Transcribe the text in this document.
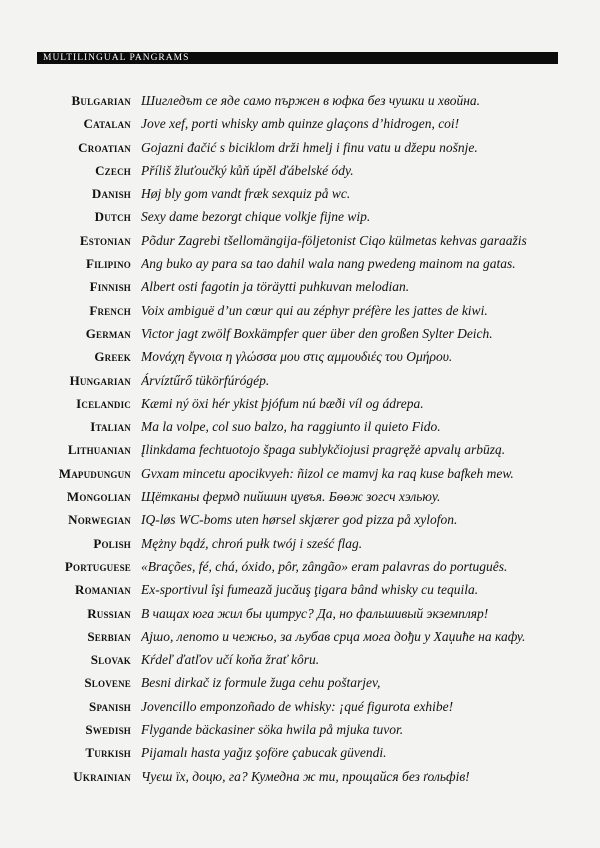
MULTILINGUAL PANGRAMS
Bulgarian Шигледът се яде само пържен в юфка без чушки и хвойна.
Catalan Jove xef, porti whisky amb quinze glaçons d’hidrogen, coi!
Croatian Gojazni đačić s biciklom drži hmelj i finu vatu u džepu nošnje.
Czech Příliš žluťoučký kůň úpěl ďábelské ódy.
Danish Høj bly gom vandt fræk sexquiz på wc.
Dutch Sexy dame bezorgt chique volkje fijne wip.
Estonian Põdur Zagrebi tšellomängija-följetonist Ciqo külmetas kehvas garaažis
Filipino Ang buko ay para sa tao dahil wala nang pwedeng mainom na gatas.
Finnish Albert osti fagotin ja töräytti puhkuvan melodian.
French Voix ambiguë d’un cœur qui au zéphyr préfère les jattes de kiwi.
German Victor jagt zwölf Boxkämpfer quer über den großen Sylter Deich.
Greek Μονάχη ἔγνοια η γλώσσα μου στις αμμουδιές του Ομήρου.
Hungarian Árvíztűrő tükörfúrógép.
Icelandic Kæmi ný öxi hér ykist þjófum nú bæði víl og ádrepa.
Italian Ma la volpe, col suo balzo, ha raggiunto il quieto Fido.
Lithuanian Įlinkdama fechtuotojo špaga sublykčiojusi pragręžė apvalų arbūzą.
Mapudungun Gvxam mincetu apocikvyeh: ñizol ce mamvj ka raq kuse bafkeh mew.
Mongolian Щётканы фермд пийшин цувъя. Бөөж зогсч хэльюу.
Norwegian IQ-løs WC-boms uten hørsel skjærer god pizza på xylofon.
Polish Mężny bądź, chroń pułk twój i sześć flag.
Portuguese «Brações, fé, chá, óxido, pôr, zângão» eram palavras do português.
Romanian Ex-sportivul îşi fumează jucăuş ţigara bând whisky cu tequila.
Russian В чащах юга жил бы цитрус? Да, но фальшивый экземпляр!
Serbian Ајшо, лепото и чежњо, за љубав срца мога дођи у Хаџиће на кафу.
Slovak Kŕdeľ ďatľov učí koňa žrať kôru.
Slovene Besni dirkač iz formule žuga cehu poštarjev,
Spanish Jovencillo emponzoñado de whisky: ¡qué figurota exhibe!
Swedish Flygande bäckasiner söka hwila på mjuka tuvor.
Turkish Pijamalı hasta yağız şoföre çabucak güvendi.
Ukrainian Чуєш їх, доцю, га? Кумедна ж ти, прощайся без ґольфів!
